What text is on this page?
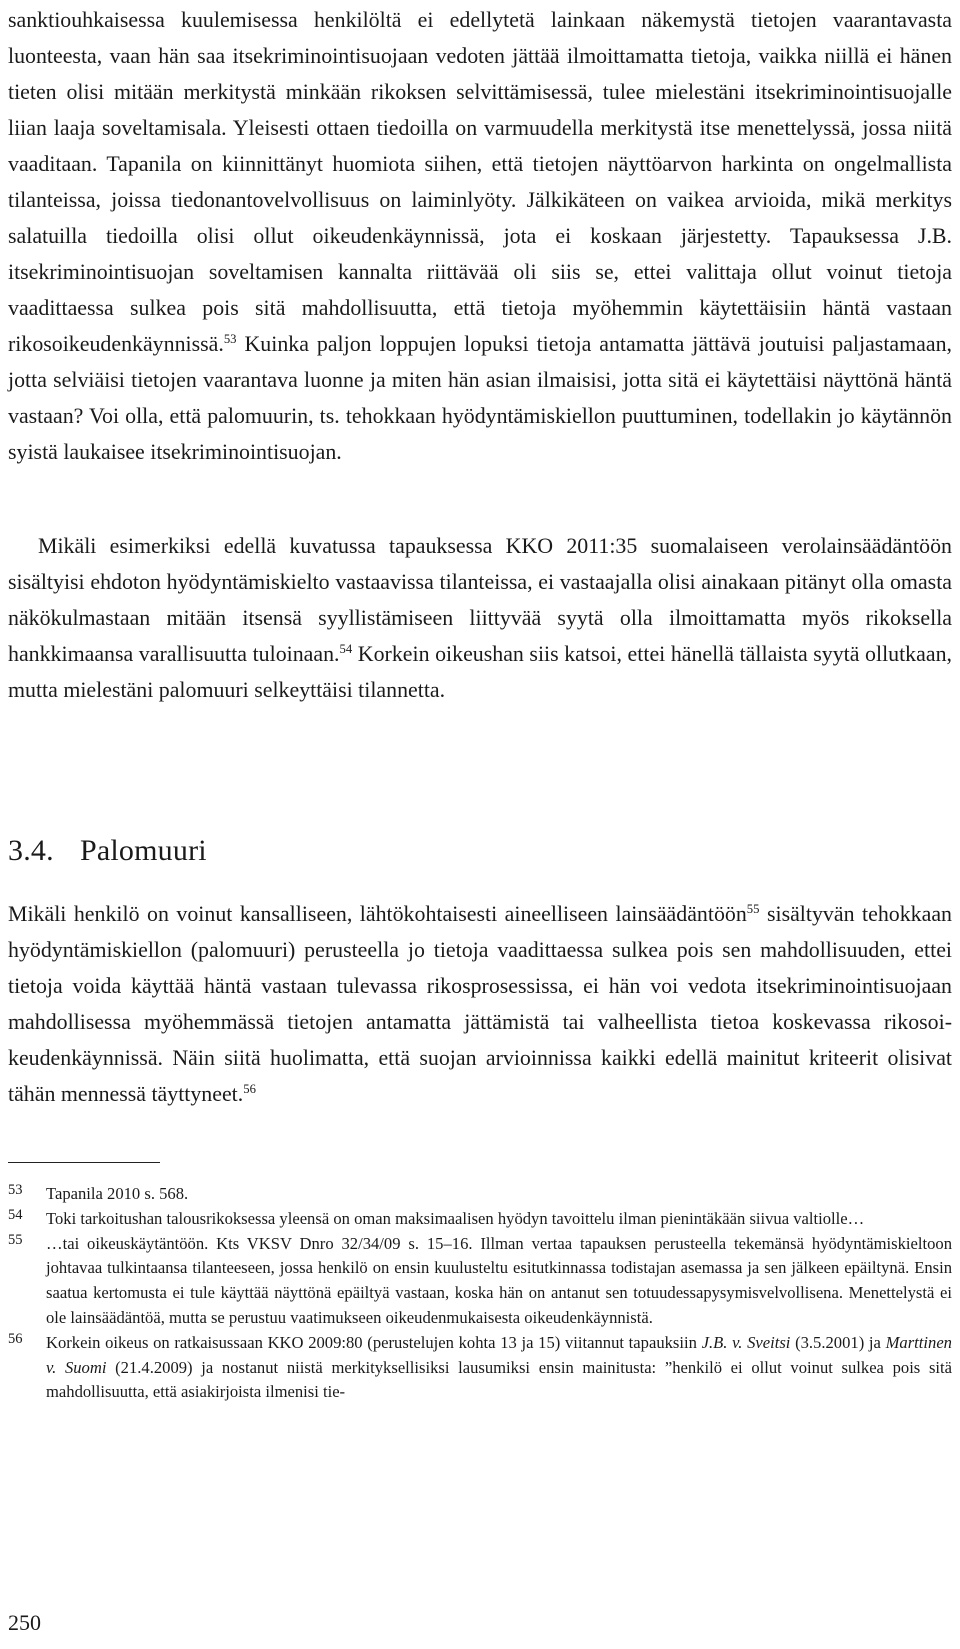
sanktiouhkaisessa kuulemisessa henkilöltä ei edellytetä lainkaan näkemystä tietojen vaarantavasta luonteesta, vaan hän saa itsekriminointisuojaan vedoten jättää ilmoittamatta tietoja, vaikka niillä ei hänen tieten olisi mitään merkitystä minkään rikoksen selvittämisessä, tulee mielestäni itsekriminointisuojalle liian laaja soveltamisala. Yleisesti ottaen tiedoilla on varmuudella merkitystä itse menettelyssä, jossa niitä vaaditaan. Tapanila on kiinnittänyt huomiota siihen, että tietojen näyttöarvon harkinta on ongelmallista tilanteissa, joissa tiedonantovelvollisuus on laiminlyöty. Jälkikäteen on vaikea arvioida, mikä merkitys salatuilla tiedoilla olisi ollut oikeudenkäynnissä, jota ei koskaan järjestetty. Tapauksessa J.B. itsekriminointisuojan soveltamisen kannalta riittävää oli siis se, ettei valittaja ollut voinut tietoja vaadittaessa sulkea pois sitä mahdollisuutta, että tietoja myöhemmin käytettäisiin häntä vastaan rikosoikeudenkäynnissä.$^{53}$ Kuinka paljon loppujen lopuksi tietoja antamatta jättävä joutuisi paljastamaan, jotta selviäisi tietojen vaarantava luonne ja miten hän asian ilmaisisi, jotta sitä ei käytettäisi näyttönä häntä vastaan? Voi olla, että palomuurin, ts. tehokkaan hyödyntämiskiellon puuttuminen, todellakin jo käytännön syistä laukaisee itsekriminointisuojan.

Mikäli esimerkiksi edellä kuvatussa tapauksessa KKO 2011:35 suomalaiseen verolainsäädäntöön sisältyisi ehdoton hyödyntämiskielto vastaavissa tilanteissa, ei vastaajalla olisi ainakaan pitänyt olla omasta näkökulmastaan mitään itsensä syyllistämiseen liittyvää syytä olla ilmoittamatta myös rikoksella hankkimaansa varallisuutta tuloinaan.$^{54}$ Korkein oikeushan siis katsoi, ettei hänellä tällaista syytä ollutkaan, mutta mielestäni palomuuri selkeyttäisi tilannetta.

3.4. Palomuuri

Mikäli henkilö on voinut kansalliseen, lähtökohtaisesti aineelliseen lainsäädäntöön$^{55}$ sisältyvän tehokkaan hyödyntämiskiellon (palomuuri) perusteella jo tietoja vaadittaessa sulkea pois sen mahdollisuuden, ettei tietoja voida käyttää häntä vastaan tulevassa rikosprosessissa, ei hän voi vedota itsekriminointisuojaan mahdollisessa myöhemmässä tietojen antamatta jättämistä tai valheellista tietoa koskevassa rikosoikeudenkäynnissä. Näin siitä huolimatta, että suojan arvioinnissa kaikki edellä mainitut kriteerit olisivat tähän mennessä täyttyneet.$^{56}$

53	Tapanila 2010 s. 568.
54	Toki tarkoitushan talousrikoksessa yleensä on oman maksimaalisen hyödyn tavoittelu ilman pienintäkään siivua valtiolle…
55	…tai oikeuskäytäntöön. Kts VKSV Dnro 32/34/09 s. 15–16. Illman vertaa tapauksen perusteella tekemänsä hyödyntämiskieltoon johtavaa tulkintaansa tilanteeseen, jossa henkilö on ensin kuulusteltu esitutkinnassa todistajan asemassa ja sen jälkeen epäiltynä. Ensin saatua kertomusta ei tule käyttää näyttönä epäiltyä vastaan, koska hän on antanut sen totuudessapysymisvelvollisena. Menettelystä ei ole lainsäädäntöä, mutta se perustuu vaatimukseen oikeudenmukaisesta oikeudenkäynnistä.
56	Korkein oikeus on ratkaisussaan KKO 2009:80 (perustelujen kohta 13 ja 15) viitannut tapauksiin J.B. v. Sveitsi (3.5.2001) ja Marttinen v. Suomi (21.4.2009) ja nostanut niistä merkityksellisiksi lausumiksi ensin mainitusta: ”henkilö ei ollut voinut sulkea pois sitä mahdollisuutta, että asiakirjoista ilmenisi tie-
250
